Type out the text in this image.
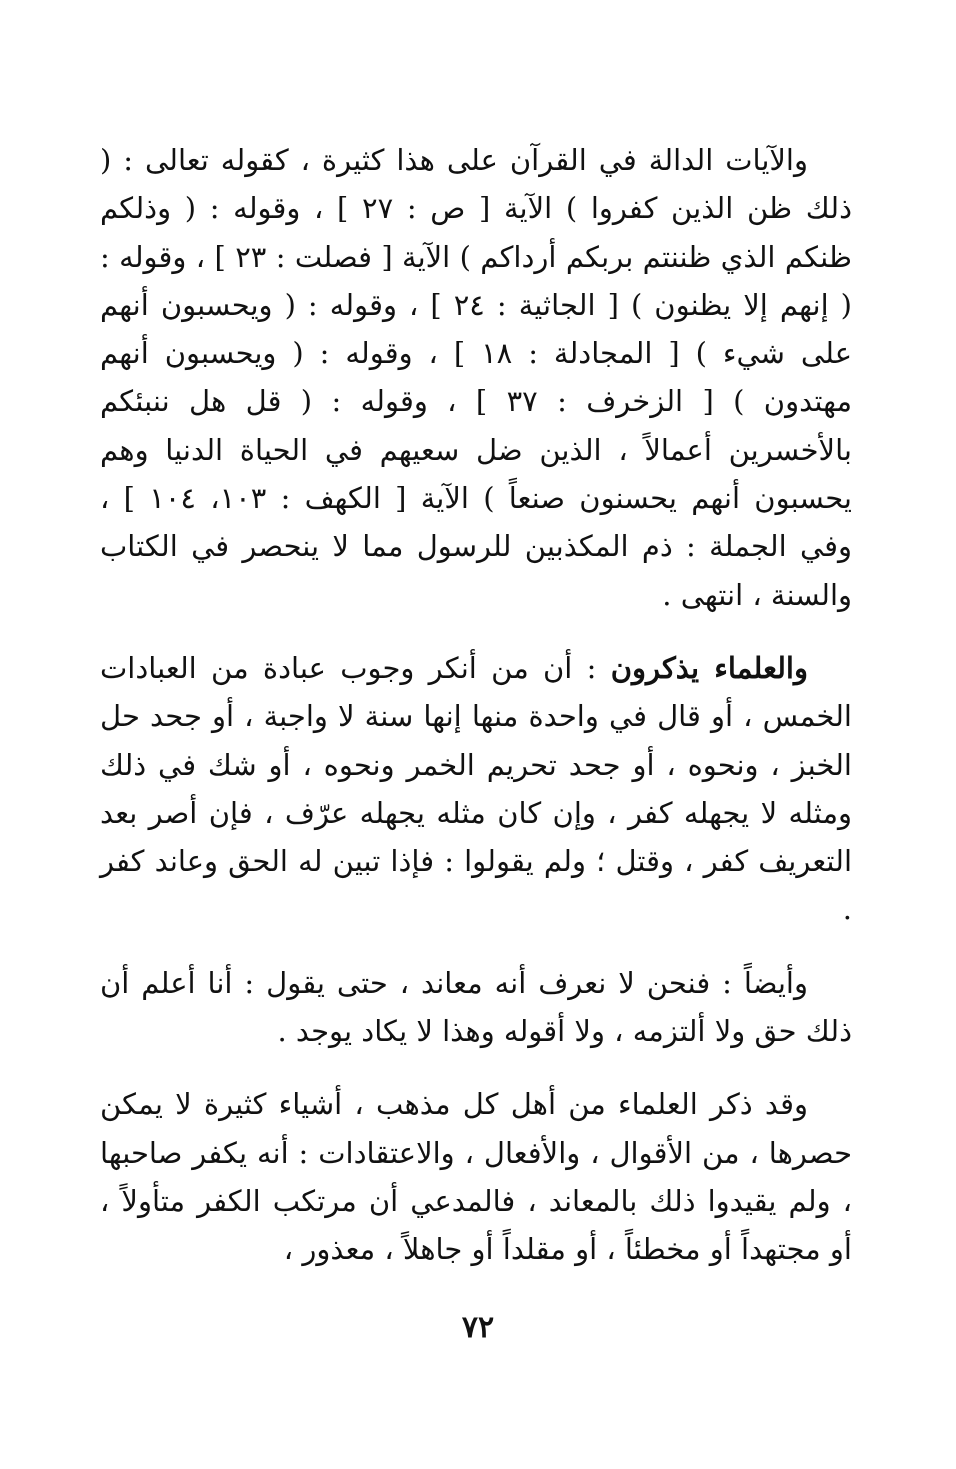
والآيات الدالة في القرآن على هذا كثيرة ، كقوله تعالى : ( ذلك ظن الذين كفروا ) الآية [ ص : ٢٧ ] ، وقوله : ( وذلكم ظنكم الذي ظننتم بربكم أرداكم ) الآية [ فصلت : ٢٣ ] ، وقوله : ( إنهم إلا يظنون ) [ الجاثية : ٢٤ ] ، وقوله : ( ويحسبون أنهم على شيء ) [ المجادلة : ١٨ ] ، وقوله : ( ويحسبون أنهم مهتدون ) [ الزخرف : ٣٧ ] ، وقوله : ( قل هل ننبئكم بالأخسرين أعمالاً ، الذين ضل سعيهم في الحياة الدنيا وهم يحسبون أنهم يحسنون صنعاً ) الآية [ الكهف : ١٠٣، ١٠٤ ] ، وفي الجملة : ذم المكذبين للرسول مما لا ينحصر في الكتاب والسنة ، انتهى .

والعلماء يذكرون : أن من أنكر وجوب عبادة من العبادات الخمس ، أو قال في واحدة منها إنها سنة لا واجبة ، أو جحد حل الخبز ، ونحوه ، أو جحد تحريم الخمر ونحوه ، أو شك في ذلك ومثله لا يجهله كفر ، وإن كان مثله يجهله عرّف ، فإن أصر بعد التعريف كفر ، وقتل ؛ ولم يقولوا : فإذا تبين له الحق وعاند كفر .

وأيضاً : فنحن لا نعرف أنه معاند ، حتى يقول : أنا أعلم أن ذلك حق ولا ألتزمه ، ولا أقوله وهذا لا يكاد يوجد .

وقد ذكر العلماء من أهل كل مذهب ، أشياء كثيرة لا يمكن حصرها ، من الأقوال ، والأفعال ، والاعتقادات : أنه يكفر صاحبها ، ولم يقيدوا ذلك بالمعاند ، فالمدعي أن مرتكب الكفر متأولاً ، أو مجتهداً أو مخطئاً ، أو مقلداً أو جاهلاً ، معذور ،

٧٢
